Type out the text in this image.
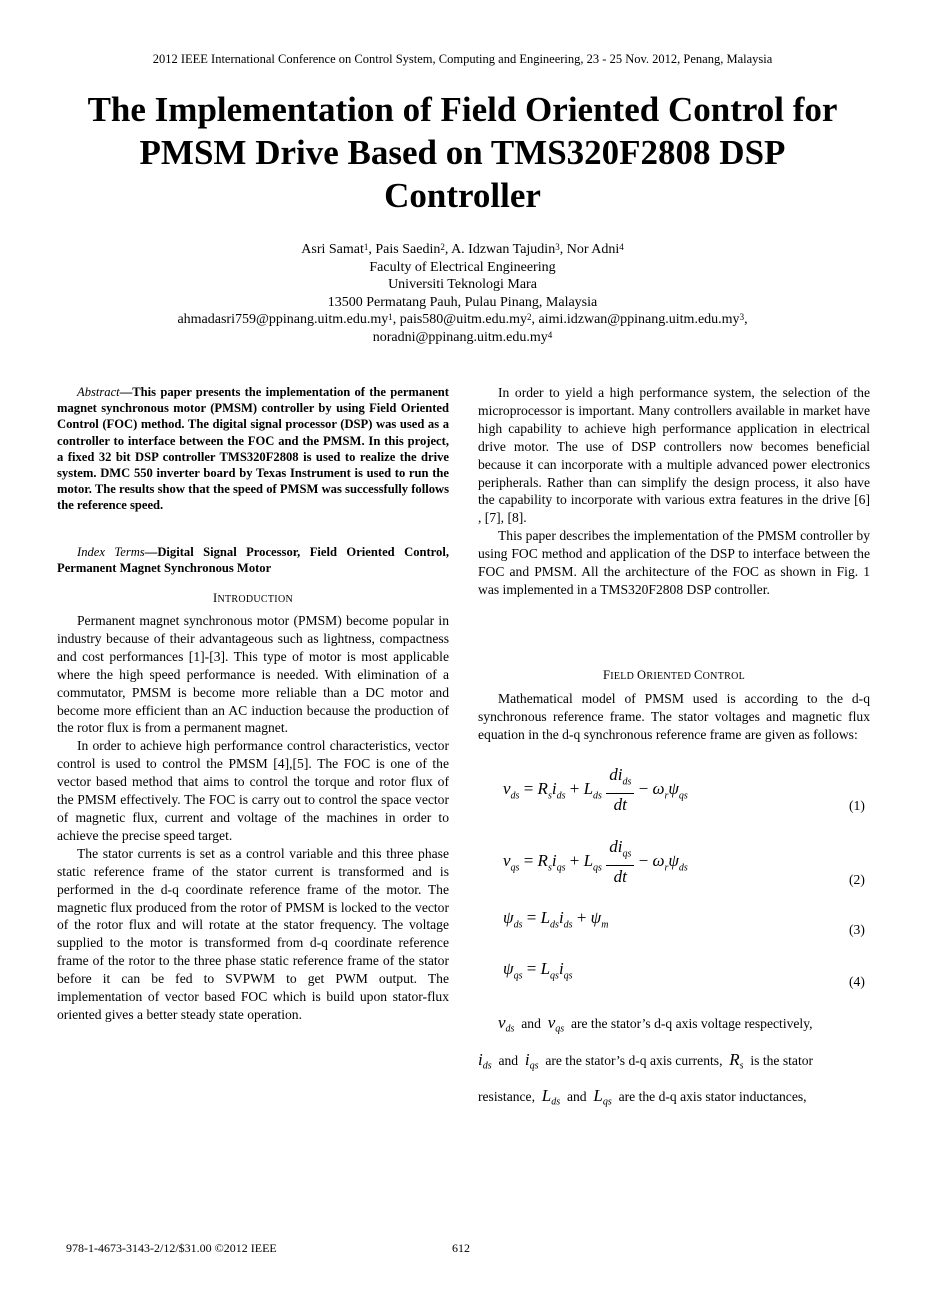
2012 IEEE International Conference on Control System, Computing and Engineering, 23 - 25 Nov. 2012, Penang, Malaysia
The Implementation of Field Oriented Control for
PMSM Drive Based on TMS320F2808 DSP
Controller
Asri Samat$^1$, Pais Saedin$^2$, A. Idzwan Tajudin$^3$, Nor Adni$^4$
Faculty of Electrical Engineering
Universiti Teknologi Mara
13500 Permatang Pauh, Pulau Pinang, Malaysia
$ahmadasri759@ppinang.uitm.edu.my^1$, $pais580@uitm.edu.my^2$, $aimi.idzwan@ppinang.uitm.edu.my^3$,
$noradni@ppinang.uitm.edu.my^4$

Abstract—This paper presents the implementation of the permanent magnet synchronous motor (PMSM) controller by using Field Oriented Control (FOC) method. The digital signal processor (DSP) was used as a controller to interface between the FOC and the PMSM. In this project, a fixed 32 bit DSP controller TMS320F2808 is used to realize the drive system. DMC 550 inverter board by Texas Instrument is used to run the motor. The results show that the speed of PMSM was successfully follows the reference speed.

Index Terms—Digital Signal Processor, Field Oriented Control, Permanent Magnet Synchronous Motor

INTRODUCTION

Permanent magnet synchronous motor (PMSM) become popular in industry because of their advantageous such as lightness, compactness and cost performances [1]-[3]. This type of motor is most applicable where the high speed performance is needed. With elimination of a commutator, PMSM is become more reliable than a DC motor and become more efficient than an AC induction because the production of the rotor flux is from a permanent magnet.

In order to achieve high performance control characteristics, vector control is used to control the PMSM [4],[5]. The FOC is one of the vector based method that aims to control the torque and rotor flux of the PMSM effectively. The FOC is carry out to control the space vector of magnetic flux, current and voltage of the machines in order to achieve the precise speed target.

The stator currents is set as a control variable and this three phase static reference frame of the stator current is transformed and is performed in the d-q coordinate reference frame of the motor. The magnetic flux produced from the rotor of PMSM is locked to the vector of the rotor flux and will rotate at the stator frequency. The voltage supplied to the motor is transformed from d-q coordinate reference frame of the rotor to the three phase static reference frame of the stator before it can be fed to SVPWM to get PWM output. The implementation of vector based FOC which is build upon stator-flux oriented gives a better steady state operation.

In order to yield a high performance system, the selection of the microprocessor is important. Many controllers available in market have high capability to achieve high performance application in electrical drive motor. The use of DSP controllers now becomes beneficial because it can incorporate with a multiple advanced power electronics peripherals. Rather than can simplify the design process, it also have the capability to incorporate with various extra features in the drive [6] , [7], [8].

This paper describes the implementation of the PMSM controller by using FOC method and application of the DSP to interface between the FOC and PMSM. All the architecture of the FOC as shown in Fig. 1 was implemented in a TMS320F2808 DSP controller.

FIELD ORIENTED CONTROL

Mathematical model of PMSM used is according to the d-q synchronous reference frame. The stator voltages and magnetic flux equation in the d-q synchronous reference frame are given as follows:

$v_{ds} = R_si_{ds} + L_{ds} \frac{di_{ds}}{dt} - \omega_r\psi_{qs}$
(1)
$v_{qs} = R_si_{qs} + L_{qs} \frac{di_{qs}}{dt} - \omega_r\psi_{ds}$
(2)
$\psi_{ds} = L_{ds}i_{ds} + \psi_m$	(3)
$\psi_{qs} = L_{qs}i_{qs}$	(4)
$v_{ds}$ and $v_{qs}$ are the stator’s d-q axis voltage respectively,
$i_{ds}$ and $i_{qs}$ are the stator’s d-q axis currents, $R_s$ is the stator
resistance, $L_{ds}$ and $L_{qs}$ are the d-q axis stator inductances,
978-1-4673-3143-2/12/$31.00 ©2012 IEEE	612
